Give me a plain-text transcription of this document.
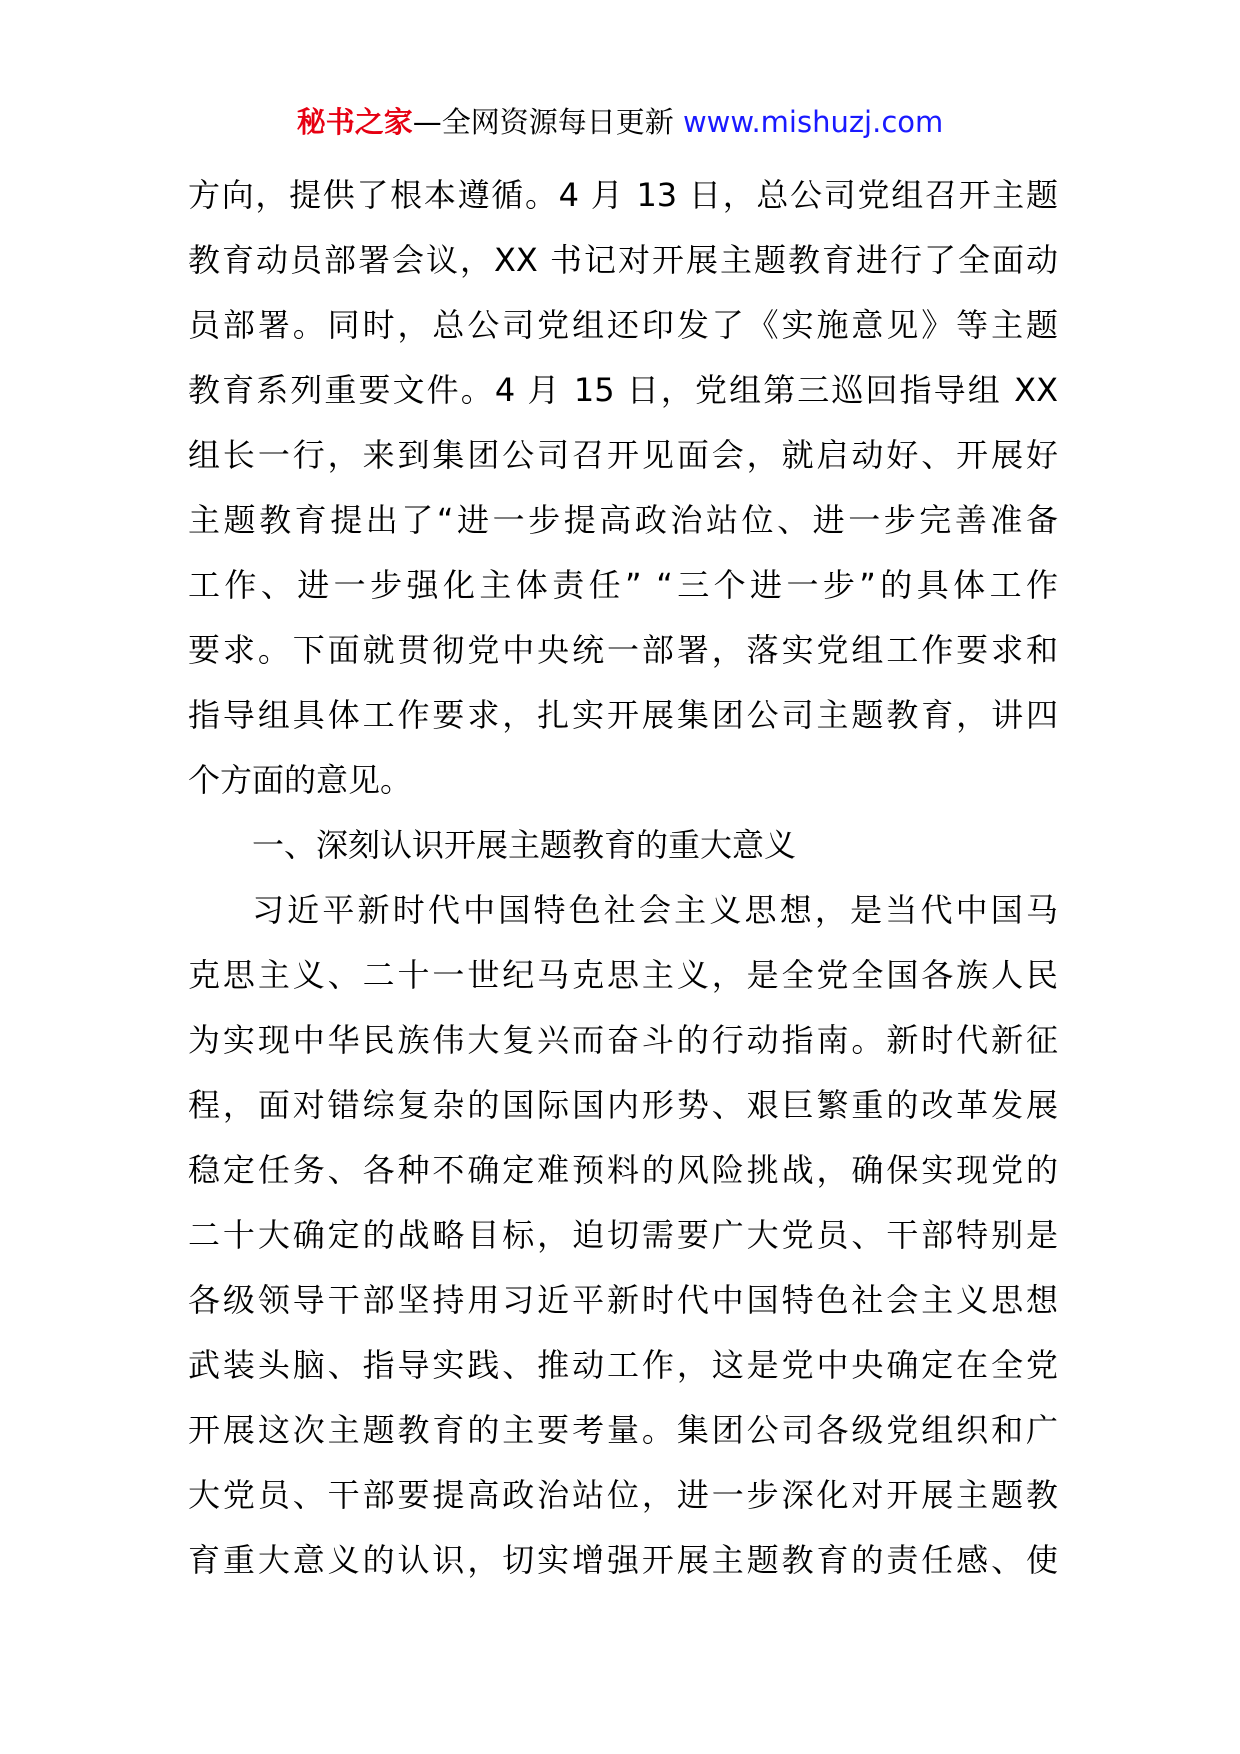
秘书之家—全网资源每日更新 www.mishuzj.com
方向，提供了根本遵循。4 月 13 日，总公司党组召开主题
教育动员部署会议，XX 书记对开展主题教育进行了全面动
员部署。同时，总公司党组还印发了《实施意见》等主题
教育系列重要文件。4 月 15 日，党组第三巡回指导组 XX
组长一行，来到集团公司召开见面会，就启动好、开展好
主题教育提出了“进一步提高政治站位、进一步完善准备
工作、进一步强化主体责任” “三个进一步”的具体工作
要求。下面就贯彻党中央统一部署，落实党组工作要求和
指导组具体工作要求，扎实开展集团公司主题教育，讲四
个方面的意见。
一、深刻认识开展主题教育的重大意义
习近平新时代中国特色社会主义思想，是当代中国马
克思主义、二十一世纪马克思主义，是全党全国各族人民
为实现中华民族伟大复兴而奋斗的行动指南。新时代新征
程，面对错综复杂的国际国内形势、艰巨繁重的改革发展
稳定任务、各种不确定难预料的风险挑战，确保实现党的
二十大确定的战略目标，迫切需要广大党员、干部特别是
各级领导干部坚持用习近平新时代中国特色社会主义思想
武装头脑、指导实践、推动工作，这是党中央确定在全党
开展这次主题教育的主要考量。集团公司各级党组织和广
大党员、干部要提高政治站位，进一步深化对开展主题教
育重大意义的认识，切实增强开展主题教育的责任感、使
